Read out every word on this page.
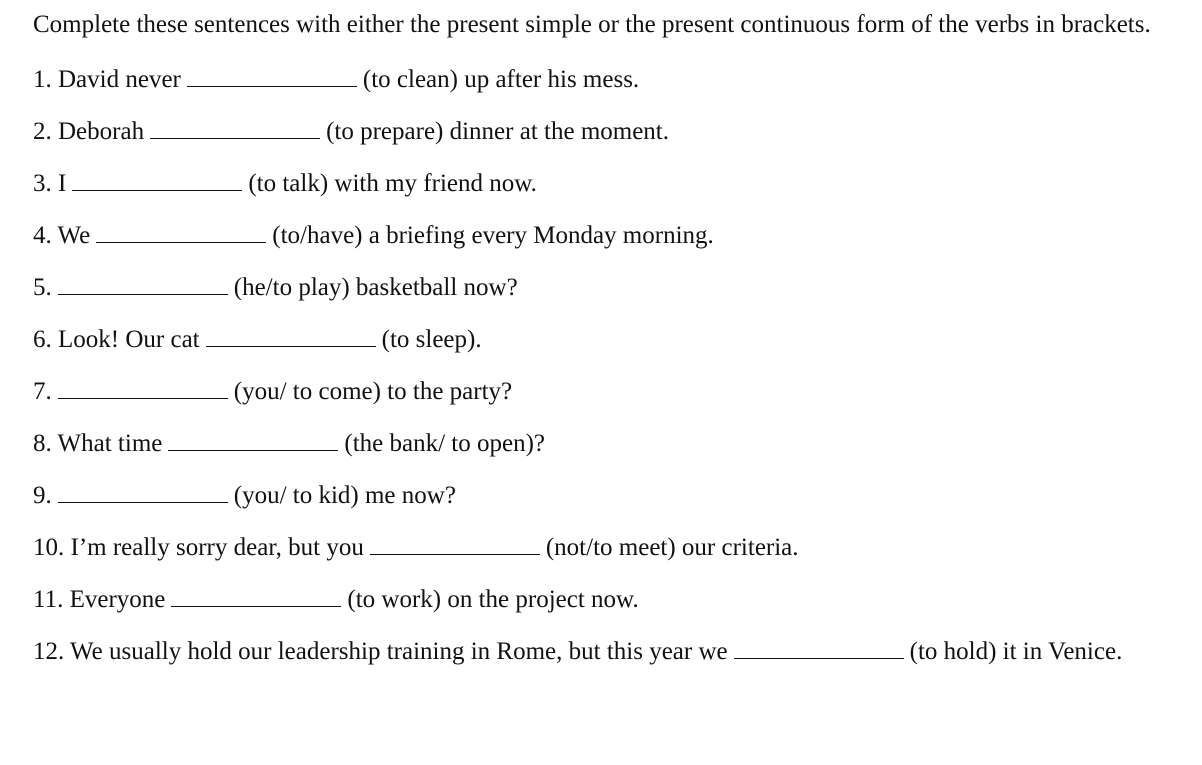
Complete these sentences with either the present simple or the present continuous form of the verbs in brackets.

1. David never	(to clean) up after his mess.
2. Deborah	(to prepare) dinner at the moment.
3. I	(to talk) with my friend now.
4. We	(to/have) a briefing every Monday morning.
5.	(he/to play) basketball now?
6. Look! Our cat	(to sleep).
7.	(you/ to come) to the party?
8. What time	(the bank/ to open)?
9.	(you/ to kid) me now?
10. I’m really sorry dear, but you	(not/to meet) our criteria.
11. Everyone	(to work) on the project now.
12. We usually hold our leadership training in Rome, but this year we	(to hold) it in Venice.
